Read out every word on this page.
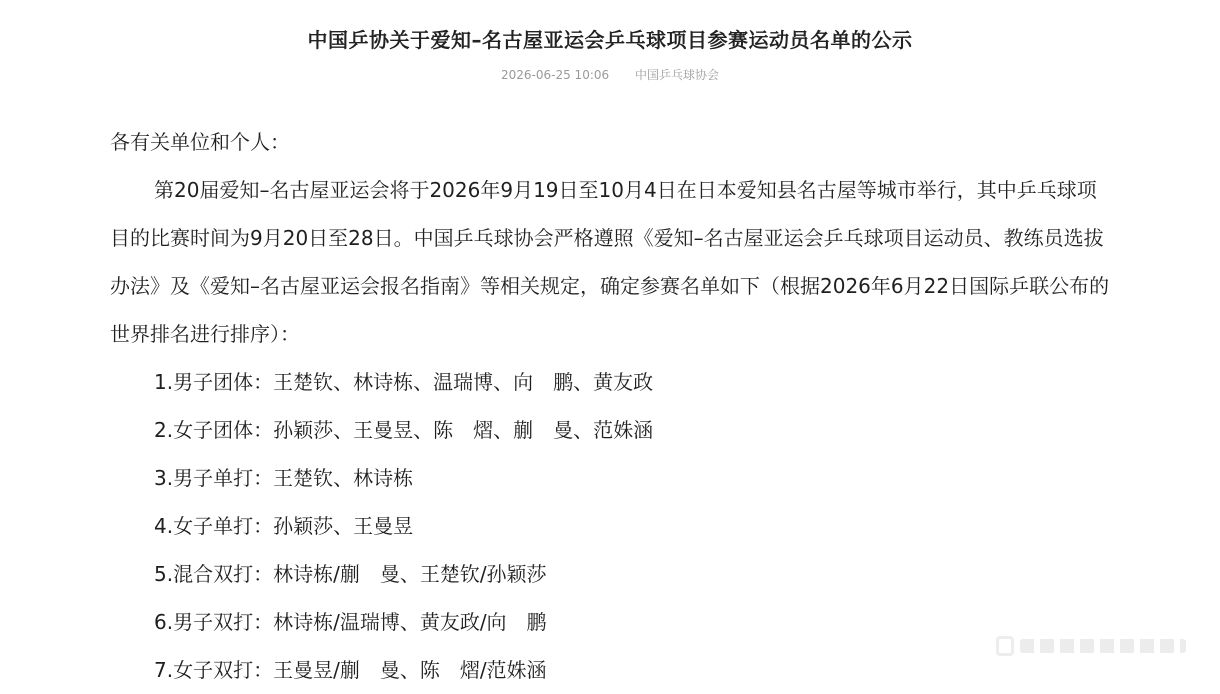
中国乒协关于爱知–名古屋亚运会乒乓球项目参赛运动员名单的公示
2026-06-25 10:06 中国乒乓球协会

各有关单位和个人：

第20届爱知–名古屋亚运会将于2026年9月19日至10月4日在日本爱知县名古屋等城市举行，其中乒乓球项目的比赛时间为9月20日至28日。中国乒乓球协会严格遵照《爱知–名古屋亚运会乒乓球项目运动员、教练员选拔办法》及《爱知–名古屋亚运会报名指南》等相关规定，确定参赛名单如下（根据2026年6月22日国际乒联公布的世界排名进行排序）：

1.男子团体：王楚钦、林诗栋、温瑞博、向　鹏、黄友政
2.女子团体：孙颖莎、王曼昱、陈　熠、蒯　曼、范姝涵
3.男子单打：王楚钦、林诗栋
4.女子单打：孙颖莎、王曼昱
5.混合双打：林诗栋/蒯　曼、王楚钦/孙颖莎
6.男子双打：林诗栋/温瑞博、黄友政/向　鹏
7.女子双打：王曼昱/蒯　曼、陈　熠/范姝涵
